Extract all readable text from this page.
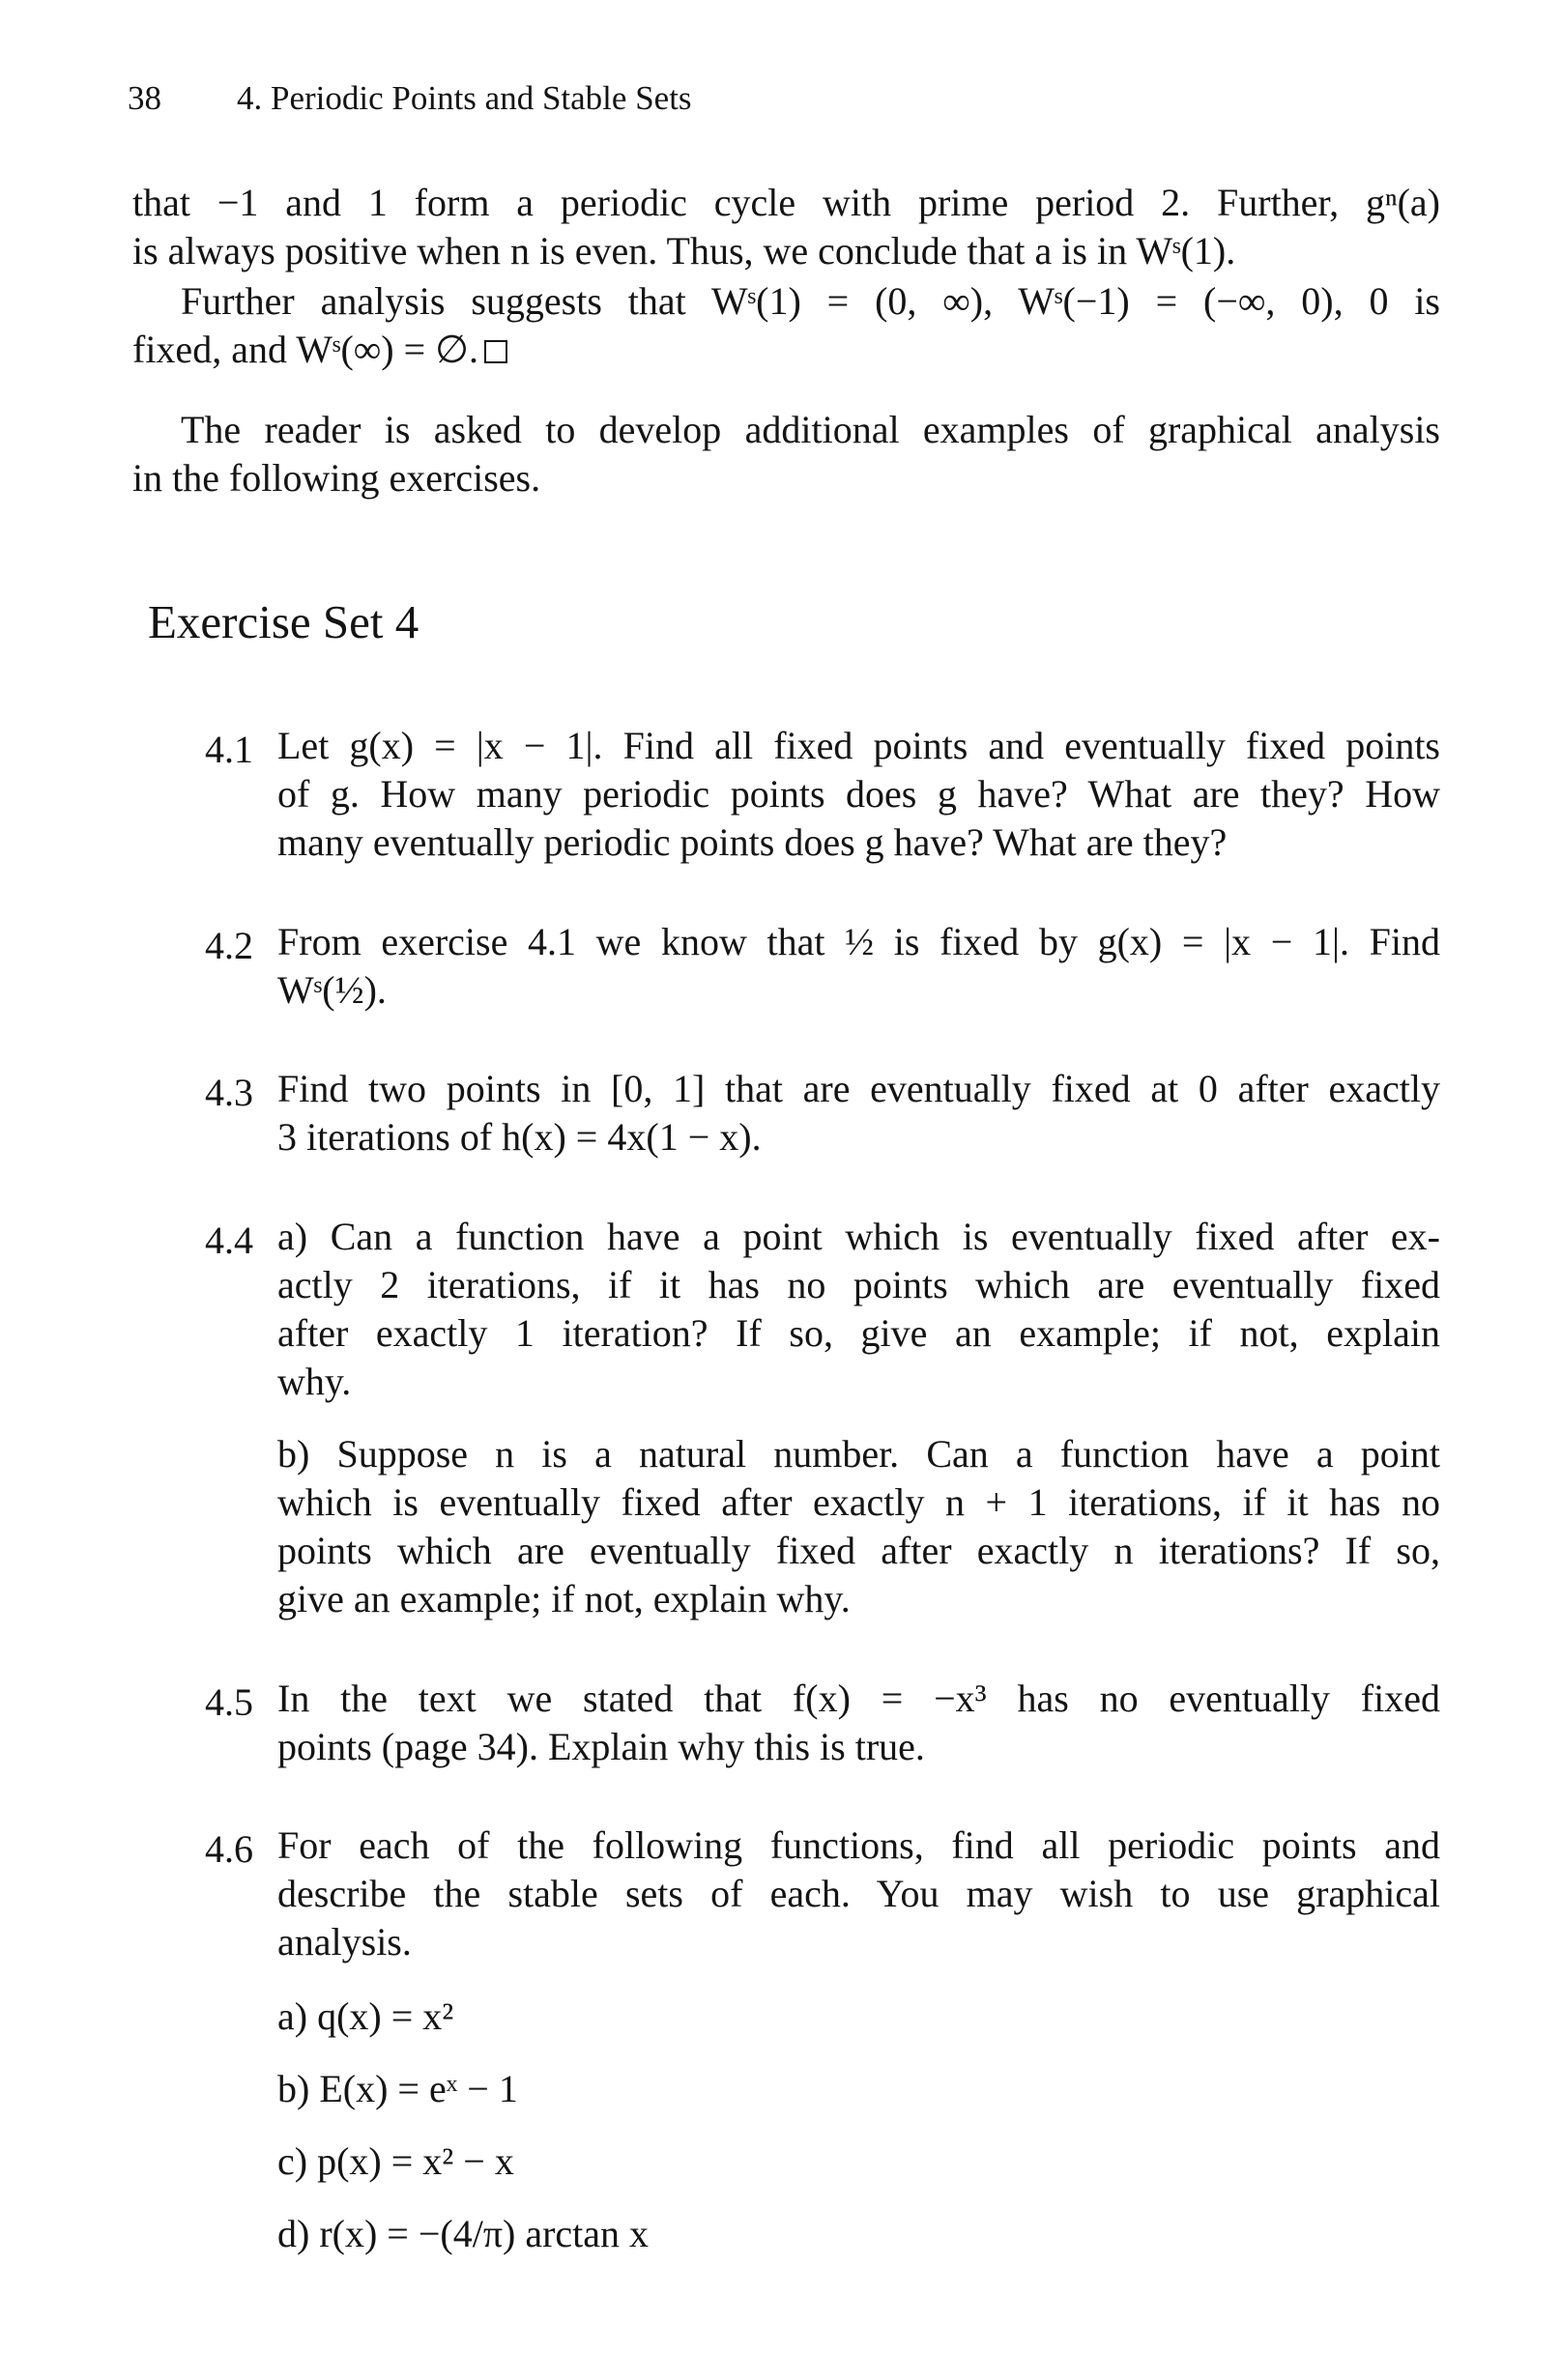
38 4. Periodic Points and Stable Sets
that −1 and 1 form a periodic cycle with prime period 2. Further, gⁿ(a)
is always positive when n is even. Thus, we conclude that a is in Wˢ(1).
Further analysis suggests that Wˢ(1) = (0, ∞), Wˢ(−1) = (−∞, 0), 0 is
fixed, and Wˢ(∞) = ∅.
The reader is asked to develop additional examples of graphical analysis
in the following exercises.
Exercise Set 4
4.1 Let g(x) = |x − 1|. Find all fixed points and eventually fixed points
of g. How many periodic points does g have? What are they? How
many eventually periodic points does g have? What are they?
4.2 From exercise 4.1 we know that ½ is fixed by g(x) = |x − 1|. Find
Wˢ(½).
4.3 Find two points in [0, 1] that are eventually fixed at 0 after exactly
3 iterations of h(x) = 4x(1 − x).
4.4 a) Can a function have a point which is eventually fixed after ex-
actly 2 iterations, if it has no points which are eventually fixed
after exactly 1 iteration? If so, give an example; if not, explain
why.
b) Suppose n is a natural number. Can a function have a point
which is eventually fixed after exactly n + 1 iterations, if it has no
points which are eventually fixed after exactly n iterations? If so,
give an example; if not, explain why.
4.5 In the text we stated that f(x) = −x³ has no eventually fixed
points (page 34). Explain why this is true.
4.6 For each of the following functions, find all periodic points and
describe the stable sets of each. You may wish to use graphical
analysis.
a) q(x) = x²
b) E(x) = eˣ − 1
c) p(x) = x² − x
d) r(x) = −(4/π) arctan x
